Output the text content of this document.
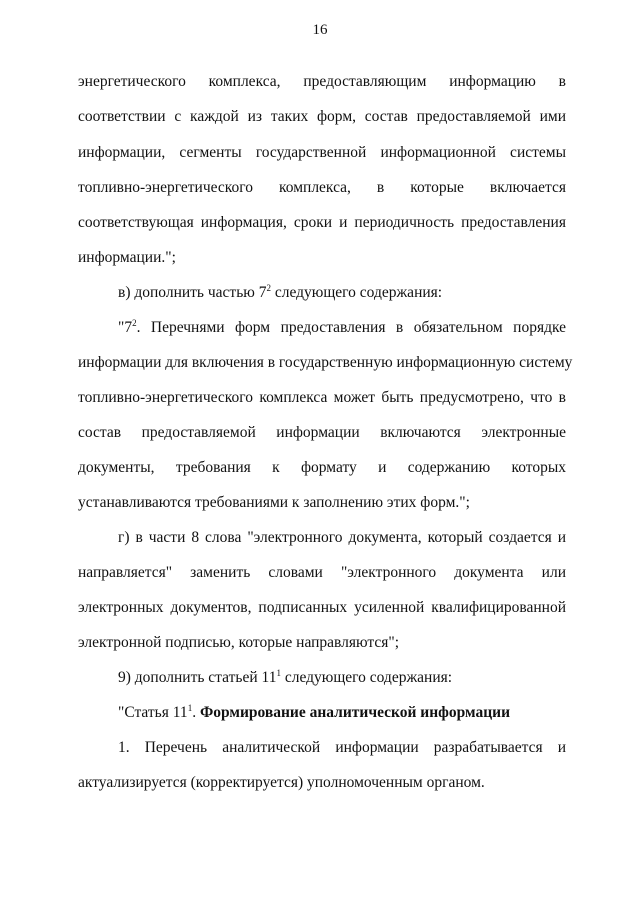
16
энергетического комплекса, предоставляющим информацию в
соответствии с каждой из таких форм, состав предоставляемой ими
информации, сегменты государственной информационной системы
топливно-энергетического комплекса, в которые включается
соответствующая информация, сроки и периодичность предоставления
информации.";
в) дополнить частью $7^2$ следующего содержания:
"$7^2$. Перечнями форм предоставления в обязательном порядке
информации для включения в государственную информационную систему
топливно-энергетического комплекса может быть предусмотрено, что в
состав предоставляемой информации включаются электронные
документы, требования к формату и содержанию которых
устанавливаются требованиями к заполнению этих форм.";
г) в части 8 слова "электронного документа, который создается и
направляется" заменить словами "электронного документа или
электронных документов, подписанных усиленной квалифицированной
электронной подписью, которые направляются";
9) дополнить статьей $11^1$ следующего содержания:
"Статья $11^1$. Формирование аналитической информации
1. Перечень аналитической информации разрабатывается и
актуализируется (корректируется) уполномоченным органом.
